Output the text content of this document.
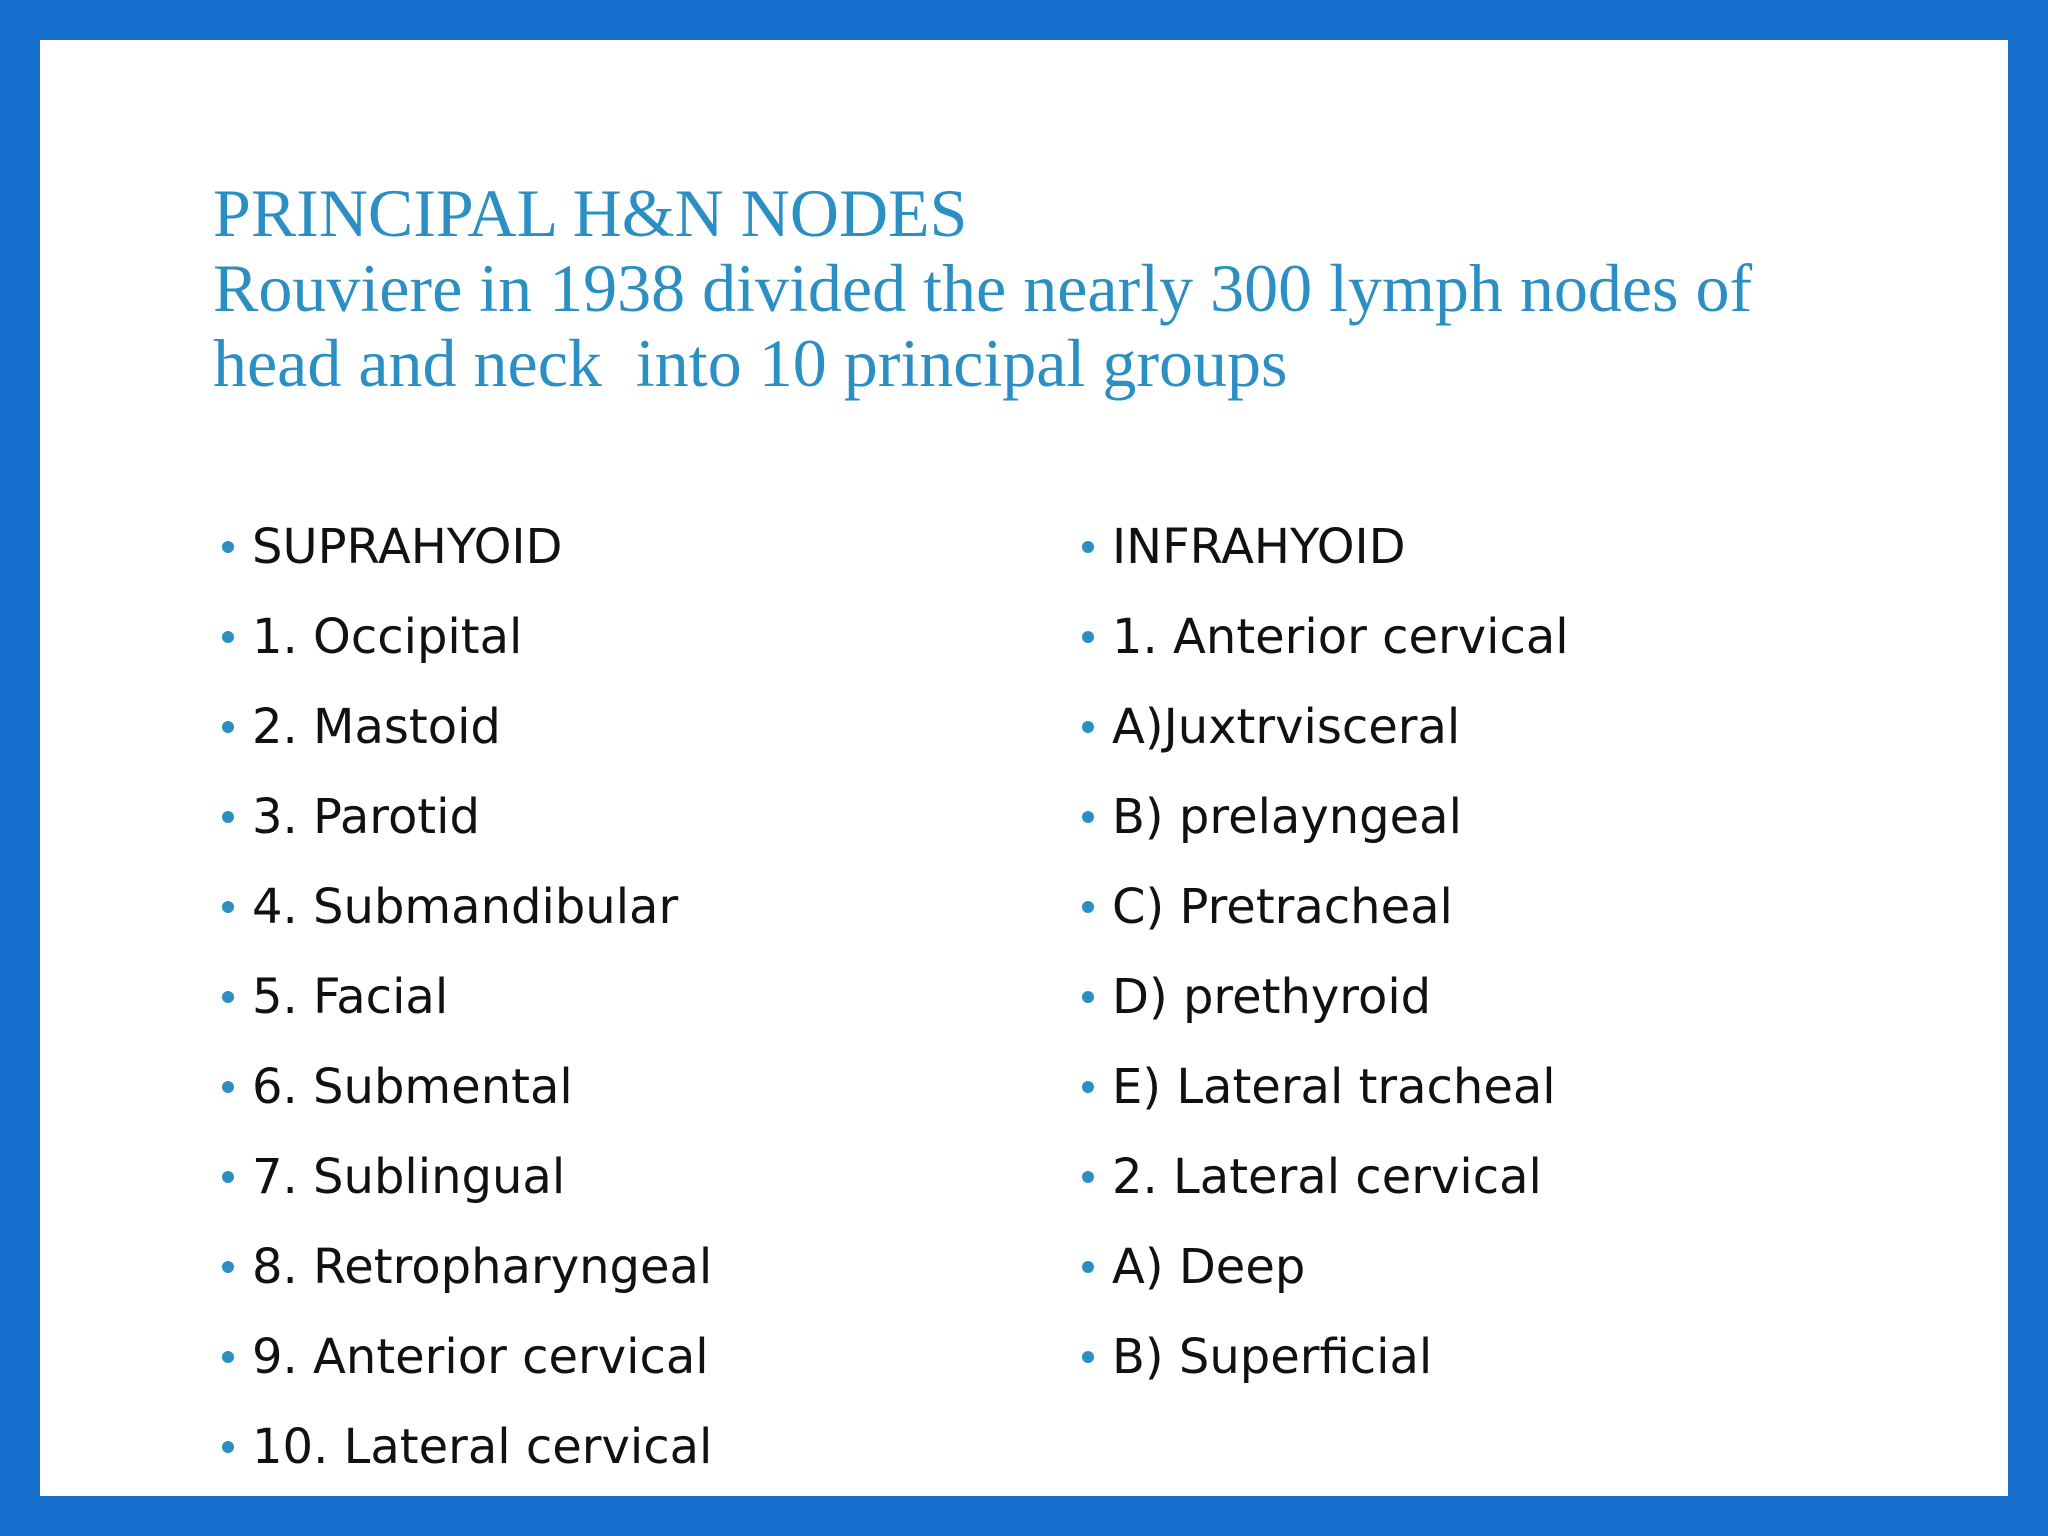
PRINCIPAL H&N NODES
Rouviere in 1938 divided the nearly 300 lymph nodes of
head and neck  into 10 principal groups
SUPRAHYOID
1. Occipital
2. Mastoid
3. Parotid
4. Submandibular
5. Facial
6. Submental
7. Sublingual
8. Retropharyngeal
9. Anterior cervical
10. Lateral cervical
INFRAHYOID
1. Anterior cervical
A)Juxtrvisceral
B) prelayngeal
C) Pretracheal
D) prethyroid
E) Lateral tracheal
2. Lateral cervical
A) Deep
B) Superficial
